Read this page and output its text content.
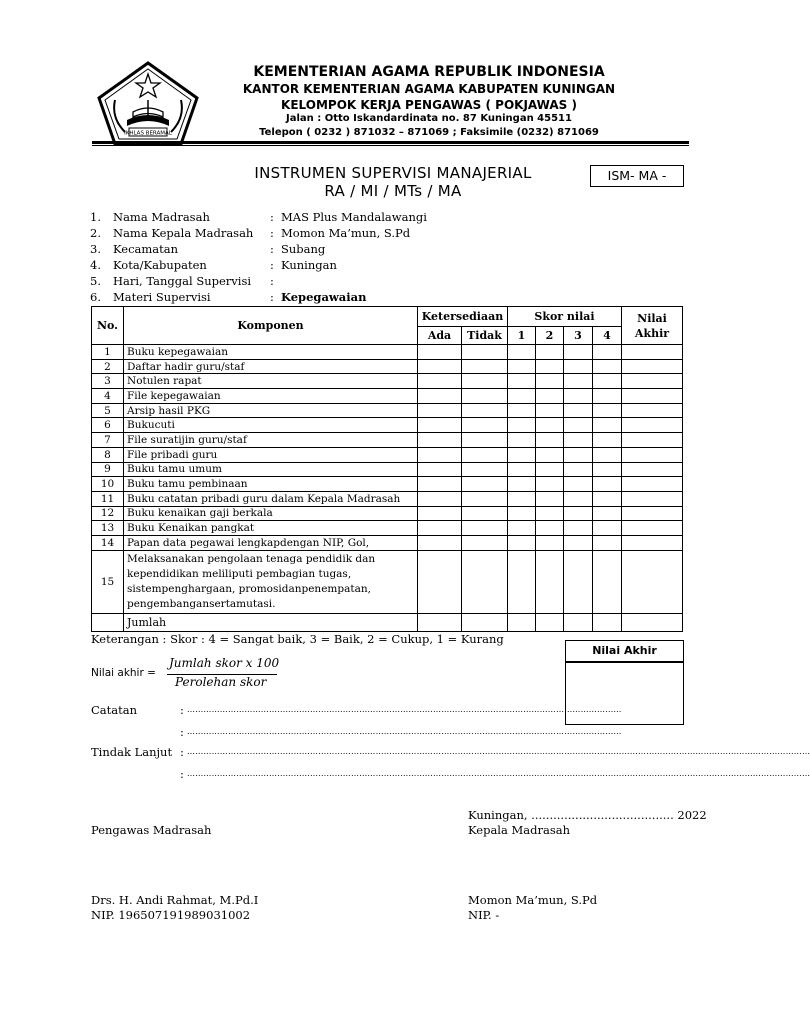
IKHLAS BERAMAL
KEMENTERIAN AGAMA REPUBLIK INDONESIA
KANTOR KEMENTERIAN AGAMA KABUPATEN KUNINGAN
KELOMPOK KERJA PENGAWAS ( POKJAWAS )
Jalan : Otto Iskandardinata no. 87 Kuningan 45511
Telepon ( 0232 ) 871032 – 871069 ; Faksimile (0232) 871069
INSTRUMEN SUPERVISI MANAJERIAL
RA / MI / MTs / MA
ISM- MA -
1. Nama Madrasah	: MAS Plus Mandalawangi
2. Nama Kepala Madrasah : Momon Ma’mun, S.Pd
3. Kecamatan	: Subang
4. Kota/Kabupaten	: Kuningan
5. Hari, Tanggal Supervisi :
6. Materi Supervisi	: Kepegawaian
No.	Komponen	Ketersediaan		Skor nilai				Nilai Akhir
		Ada	Tidak	1	2	3	4	
1	Buku kepegawaian							
2	Daftar hadir guru/staf							
3	Notulen rapat							
4	File kepegawaian							
5	Arsip hasil PKG							
6	Bukucuti							
7	File suratijin guru/staf							
8	File pribadi guru							
9	Buku tamu umum							
10	Buku tamu pembinaan							
11	Buku catatan pribadi guru dalam Kepala Madrasah							
12	Buku kenaikan gaji berkala							
13	Buku Kenaikan pangkat							
14	Papan data pegawai lengkapdengan NIP, Gol,							
15	Melaksanakan pengolaan tenaga pendidik dan kependidikan meliliputi pembagian tugas, sistempenghargaan, promosidanpenempatan, pengembangansertamutasi.							
	Jumlah							
Keterangan : Skor : 4 = Sangat baik, 3 = Baik, 2 = Cukup, 1 = Kurang
Nilai akhir =
Jumlah skor x 100
Perolehan skor
Nilai Akhir
Catatan	: ……………………………………………………………………………………………………………………………………………
: ……………………………………………………………………………………………………………………………………………
Tindak Lanjut : …………………………………………………………………………………………………………………………………………………………………………………………………………
: …………………………………………………………………………………………………………………………………………………………………………………………………………
Kuningan, ....................................... 2022
Pengawas Madrasah	Kepala Madrasah
Drs. H. Andi Rahmat, M.Pd.I
NIP. 196507191989031002
Momon Ma’mun, S.Pd
NIP. -
